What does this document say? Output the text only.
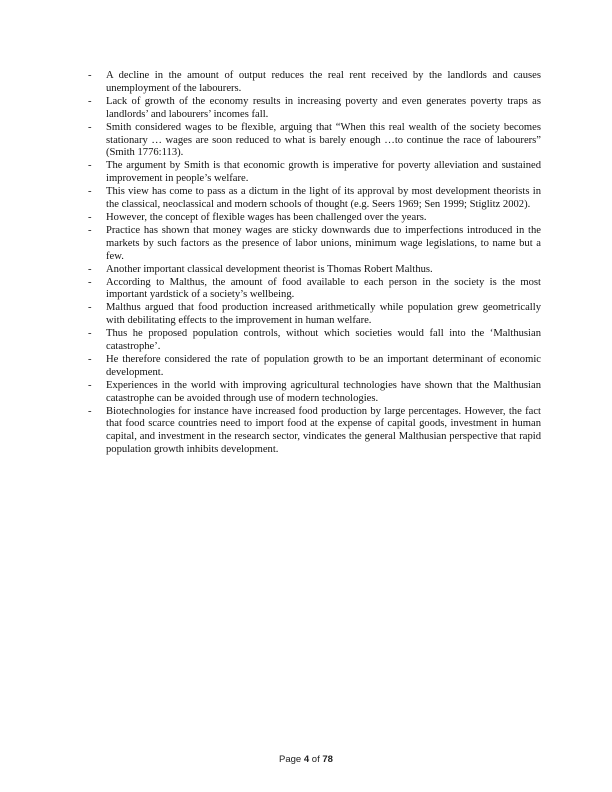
-	A decline in the amount of output reduces the real rent received by the landlords and causes unemployment of the labourers.
-	Lack of growth of the economy results in increasing poverty and even generates poverty traps as landlords’ and labourers’ incomes fall.
-	Smith considered wages to be flexible, arguing that “When this real wealth of the society becomes stationary … wages are soon reduced to what is barely enough …to continue the race of labourers” (Smith 1776:113).
-	The argument by Smith is that economic growth is imperative for poverty alleviation and sustained improvement in people’s welfare.
-	This view has come to pass as a dictum in the light of its approval by most development theorists in the classical, neoclassical and modern schools of thought (e.g. Seers 1969; Sen 1999; Stiglitz 2002).
-	However, the concept of flexible wages has been challenged over the years.
-	Practice has shown that money wages are sticky downwards due to imperfections introduced in the markets by such factors as the presence of labor unions, minimum wage legislations, to name but a few.
-	Another important classical development theorist is Thomas Robert Malthus.
-	According to Malthus, the amount of food available to each person in the society is the most important yardstick of a society’s wellbeing.
-	Malthus argued that food production increased arithmetically while population grew geometrically with debilitating effects to the improvement in human welfare.
-	Thus he proposed population controls, without which societies would fall into the ‘Malthusian catastrophe’.
-	He therefore considered the rate of population growth to be an important determinant of economic development.
-	Experiences in the world with improving agricultural technologies have shown that the Malthusian catastrophe can be avoided through use of modern technologies.
-	Biotechnologies for instance have increased food production by large percentages. However, the fact that food scarce countries need to import food at the expense of capital goods, investment in human capital, and investment in the research sector, vindicates the general Malthusian perspective that rapid population growth inhibits development.
Page 4 of 78
